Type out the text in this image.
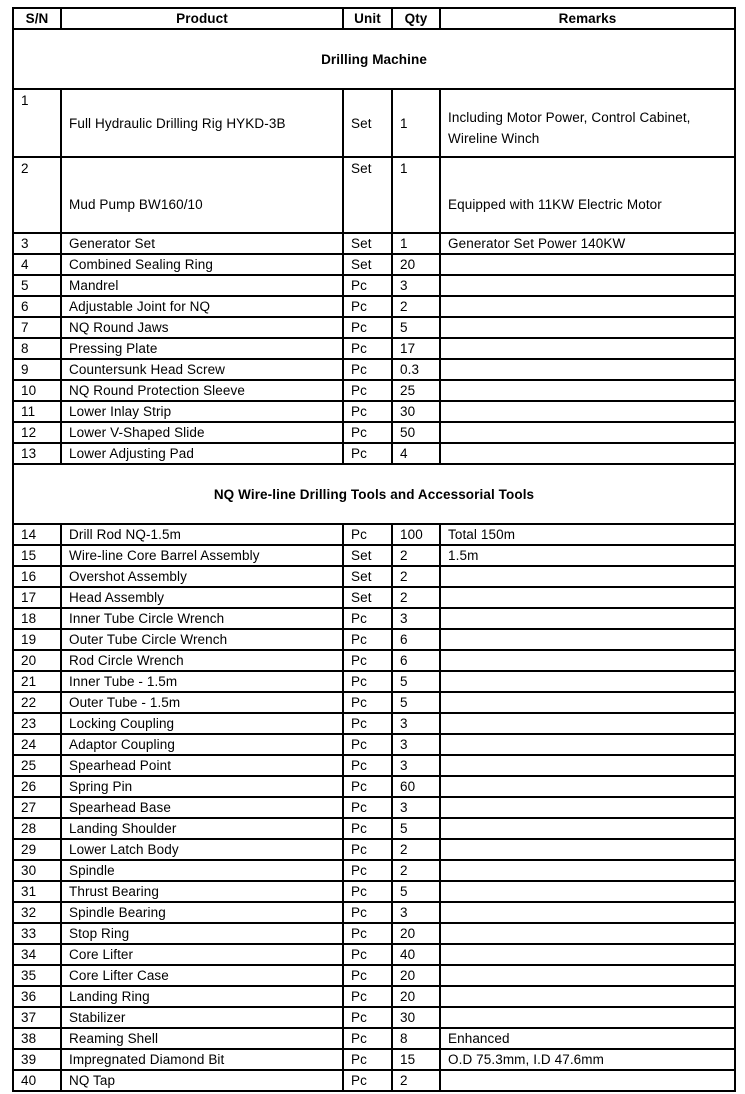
S/N	Product	Unit	Qty	Remarks
Drilling Machine				
1	Full Hydraulic Drilling Rig HYKD-3B	Set	1	Including Motor Power, Control Cabinet, Wireline Winch
2	Mud Pump BW160/10	Set	1	Equipped with 11KW Electric Motor
3	Generator Set	Set	1	Generator Set Power 140KW
4	Combined Sealing Ring	Set	20	
5	Mandrel	Pc	3	
6	Adjustable Joint for NQ	Pc	2	
7	NQ Round Jaws	Pc	5	
8	Pressing Plate	Pc	17	
9	Countersunk Head Screw	Pc	0.3	
10	NQ Round Protection Sleeve	Pc	25	
11	Lower Inlay Strip	Pc	30	
12	Lower V-Shaped Slide	Pc	50	
13	Lower Adjusting Pad	Pc	4	
NQ Wire-line Drilling Tools and Accessorial Tools				
14	Drill Rod NQ-1.5m	Pc	100	Total 150m
15	Wire-line Core Barrel Assembly	Set	2	1.5m
16	Overshot Assembly	Set	2	
17	Head Assembly	Set	2	
18	Inner Tube Circle Wrench	Pc	3	
19	Outer Tube Circle Wrench	Pc	6	
20	Rod Circle Wrench	Pc	6	
21	Inner Tube - 1.5m	Pc	5	
22	Outer Tube - 1.5m	Pc	5	
23	Locking Coupling	Pc	3	
24	Adaptor Coupling	Pc	3	
25	Spearhead Point	Pc	3	
26	Spring Pin	Pc	60	
27	Spearhead Base	Pc	3	
28	Landing Shoulder	Pc	5	
29	Lower Latch Body	Pc	2	
30	Spindle	Pc	2	
31	Thrust Bearing	Pc	5	
32	Spindle Bearing	Pc	3	
33	Stop Ring	Pc	20	
34	Core Lifter	Pc	40	
35	Core Lifter Case	Pc	20	
36	Landing Ring	Pc	20	
37	Stabilizer	Pc	30	
38	Reaming Shell	Pc	8	Enhanced
39	Impregnated Diamond Bit	Pc	15	O.D 75.3mm, I.D 47.6mm
40	NQ Tap	Pc	2	
